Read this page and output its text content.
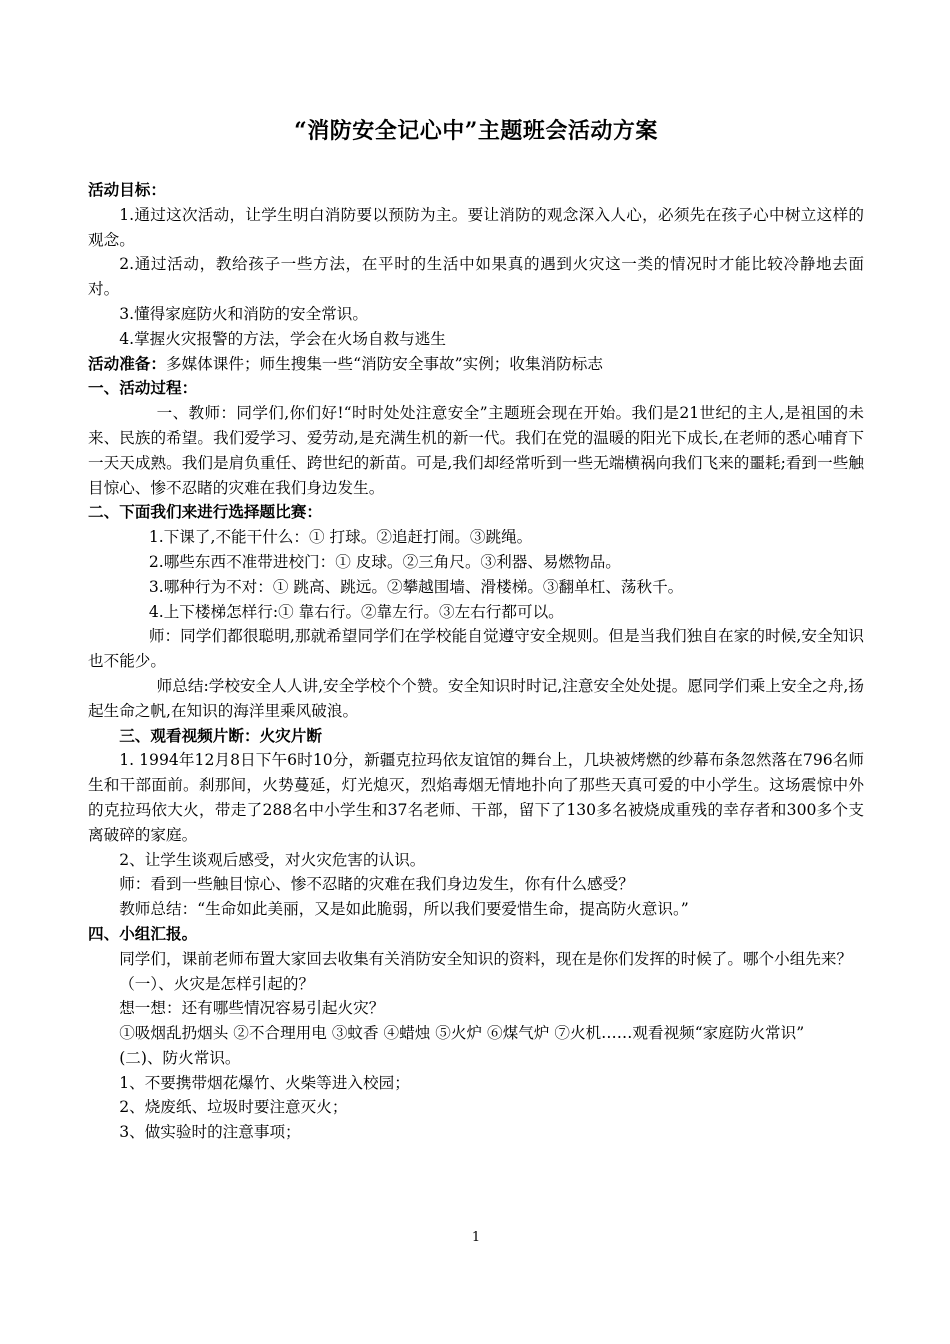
“消防安全记心中”主题班会活动方案

活动目标：

1.通过这次活动，让学生明白消防要以预防为主。要让消防的观念深入人心，必须先在孩子心中树立这样的观念。

2.通过活动，教给孩子一些方法，在平时的生活中如果真的遇到火灾这一类的情况时才能比较冷静地去面对。

3.懂得家庭防火和消防的安全常识。

4.掌握火灾报警的方法，学会在火场自救与逃生

活动准备：多媒体课件；师生搜集一些“消防安全事故”实例；收集消防标志

一、活动过程：

一、教师：同学们,你们好!“时时处处注意安全”主题班会现在开始。我们是21世纪的主人,是祖国的未来、民族的希望。我们爱学习、爱劳动,是充满生机的新一代。我们在党的温暖的阳光下成长,在老师的悉心哺育下一天天成熟。我们是肩负重任、跨世纪的新苗。可是,我们却经常听到一些无端横祸向我们飞来的噩耗;看到一些触目惊心、惨不忍睹的灾难在我们身边发生。

二、下面我们来进行选择题比赛：

1.下课了,不能干什么：① 打球。②追赶打闹。③跳绳。

2.哪些东西不准带进校门：① 皮球。②三角尺。③利器、易燃物品。

3.哪种行为不对：① 跳高、跳远。②攀越围墙、滑楼梯。③翻单杠、荡秋千。

4.上下楼梯怎样行:① 靠右行。②靠左行。③左右行都可以。

师：同学们都很聪明,那就希望同学们在学校能自觉遵守安全规则。但是当我们独自在家的时候,安全知识也不能少。

师总结:学校安全人人讲,安全学校个个赞。安全知识时时记,注意安全处处提。愿同学们乘上安全之舟,扬起生命之帆,在知识的海洋里乘风破浪。

三、观看视频片断：火灾片断

1. 1994年12月8日下午6时10分，新疆克拉玛依友谊馆的舞台上，几块被烤燃的纱幕布条忽然落在796名师生和干部面前。刹那间，火势蔓延，灯光熄灭，烈焰毒烟无情地扑向了那些天真可爱的中小学生。这场震惊中外的克拉玛依大火，带走了288名中小学生和37名老师、干部，留下了130多名被烧成重残的幸存者和300多个支离破碎的家庭。

2、让学生谈观后感受，对火灾危害的认识。

师：看到一些触目惊心、惨不忍睹的灾难在我们身边发生，你有什么感受？

教师总结：“生命如此美丽，又是如此脆弱，所以我们要爱惜生命，提高防火意识。”

四、小组汇报。

同学们，课前老师布置大家回去收集有关消防安全知识的资料，现在是你们发挥的时候了。哪个小组先来？

（一）、火灾是怎样引起的？

想一想：还有哪些情况容易引起火灾？

①吸烟乱扔烟头 ②不合理用电 ③蚊香 ④蜡烛 ⑤火炉 ⑥煤气炉 ⑦火机……观看视频“家庭防火常识”

(二)、防火常识。

1、不要携带烟花爆竹、火柴等进入校园；

2、烧废纸、垃圾时要注意灭火；

3、做实验时的注意事项；

1
